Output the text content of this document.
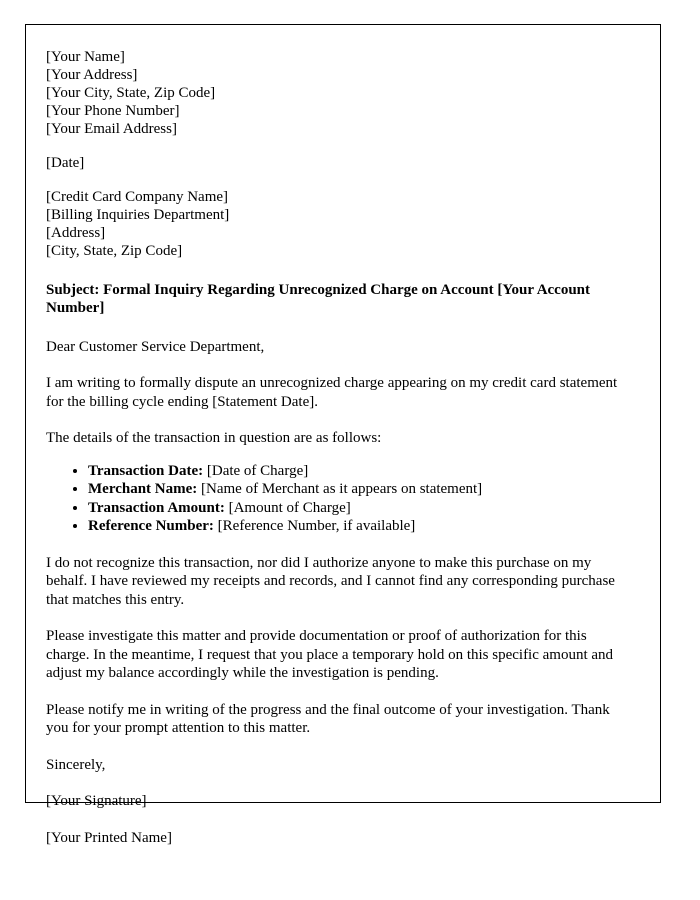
[Your Name]
[Your Address]
[Your City, State, Zip Code]
[Your Phone Number]
[Your Email Address]
[Date]
[Credit Card Company Name]
[Billing Inquiries Department]
[Address]
[City, State, Zip Code]
Subject: Formal Inquiry Regarding Unrecognized Charge on Account [Your Account Number]
Dear Customer Service Department,

I am writing to formally dispute an unrecognized charge appearing on my credit card statement for the billing cycle ending [Statement Date].

The details of the transaction in question are as follows:

• Transaction Date: [Date of Charge]
• Merchant Name: [Name of Merchant as it appears on statement]
• Transaction Amount: [Amount of Charge]
• Reference Number: [Reference Number, if available]

I do not recognize this transaction, nor did I authorize anyone to make this purchase on my behalf. I have reviewed my receipts and records, and I cannot find any corresponding purchase that matches this entry.

Please investigate this matter and provide documentation or proof of authorization for this charge. In the meantime, I request that you place a temporary hold on this specific amount and adjust my balance accordingly while the investigation is pending.

Please notify me in writing of the progress and the final outcome of your investigation. Thank you for your prompt attention to this matter.

Sincerely,
[Your Signature]
[Your Printed Name]
